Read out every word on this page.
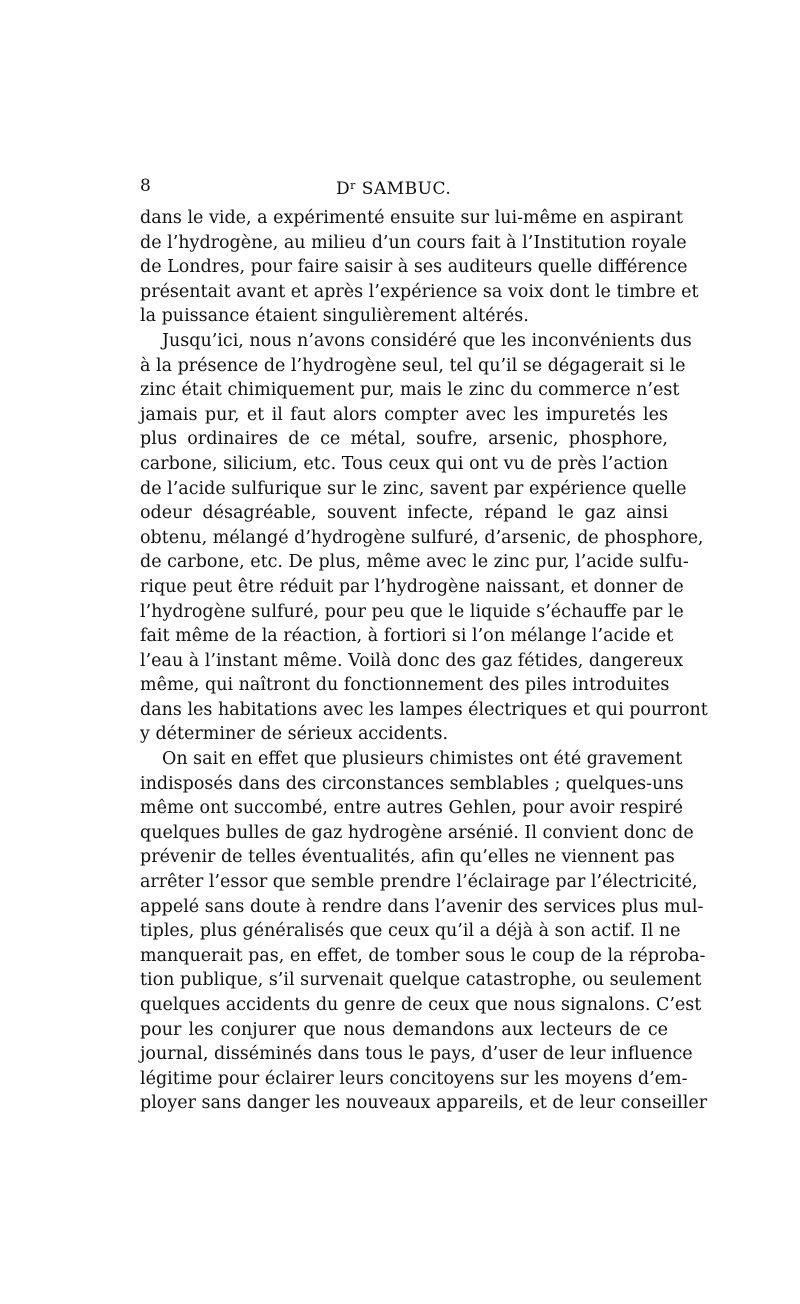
8	$D^r$ SAMBUC.
dans le vide, a expérimenté ensuite sur lui-même en aspirant
de l’hydrogène, au milieu d’un cours fait à l’Institution royale
de Londres, pour faire saisir à ses auditeurs quelle différence
présentait avant et après l’expérience sa voix dont le timbre et
la puissance étaient singulièrement altérés.
Jusqu’ici, nous n’avons considéré que les inconvénients dus
à la présence de l’hydrogène seul, tel qu’il se dégagerait si le
zinc était chimiquement pur, mais le zinc du commerce n’est
jamais pur, et il faut alors compter avec les impuretés les
plus ordinaires de ce métal, soufre, arsenic, phosphore,
carbone, silicium, etc. Tous ceux qui ont vu de près l’action
de l’acide sulfurique sur le zinc, savent par expérience quelle
odeur désagréable, souvent infecte, répand le gaz ainsi
obtenu, mélangé d’hydrogène sulfuré, d’arsenic, de phosphore,
de carbone, etc. De plus, même avec le zinc pur, l’acide sulfu-
rique peut être réduit par l’hydrogène naissant, et donner de
l’hydrogène sulfuré, pour peu que le liquide s’échauffe par le
fait même de la réaction, à fortiori si l’on mélange l’acide et
l’eau à l’instant même. Voilà donc des gaz fétides, dangereux
même, qui naîtront du fonctionnement des piles introduites
dans les habitations avec les lampes électriques et qui pourront
y déterminer de sérieux accidents.
On sait en effet que plusieurs chimistes ont été gravement
indisposés dans des circonstances semblables ; quelques-uns
même ont succombé, entre autres Gehlen, pour avoir respiré
quelques bulles de gaz hydrogène arsénié. Il convient donc de
prévenir de telles éventualités, afin qu’elles ne viennent pas
arrêter l’essor que semble prendre l’éclairage par l’électricité,
appelé sans doute à rendre dans l’avenir des services plus mul-
tiples, plus généralisés que ceux qu’il a déjà à son actif. Il ne
manquerait pas, en effet, de tomber sous le coup de la réproba-
tion publique, s’il survenait quelque catastrophe, ou seulement
quelques accidents du genre de ceux que nous signalons. C’est
pour les conjurer que nous demandons aux lecteurs de ce
journal, disséminés dans tous le pays, d’user de leur influence
légitime pour éclairer leurs concitoyens sur les moyens d’em-
ployer sans danger les nouveaux appareils, et de leur conseiller
